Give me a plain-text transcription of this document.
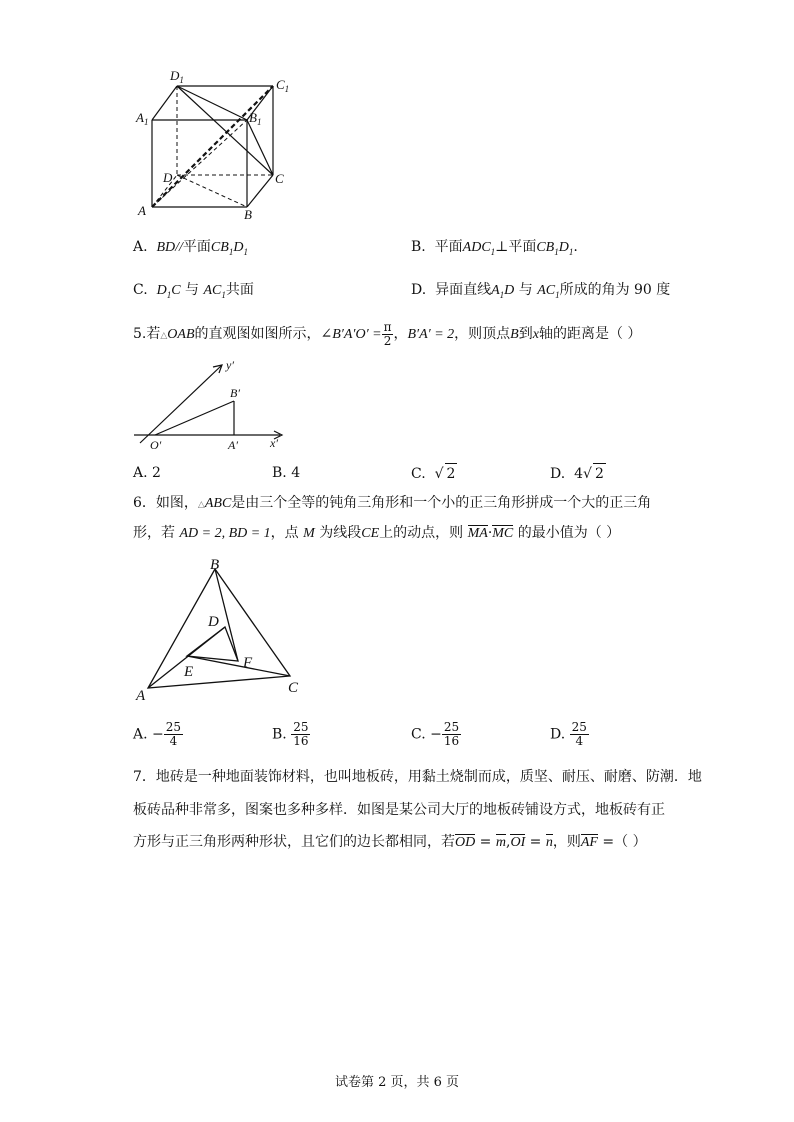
$D_1$	$C_1$
$A_1$	$B_1$
D	C
A	B
A. BD//平面$CB_1D_1$	B. 平面$ADC_1\perp$平面$CB_1D_1$.
C. $D_1C$ 与 $AC_1$共面	D. 异面直线$A_1D$ 与 $AC_1$所成的角为 90 度
5.若△OAB的直观图如图所示，∠B′A′O′ = $\frac{\pi}{2}$ ，B′A′ = 2，则顶点B到x轴的距离是（ ）
y′
B′
O′	A′	x′
A. 2	B. 4	C.  √ 2	D. 4√ 2
6．如图，△ABC是由三个全等的钝角三角形和一个小的正三角形拼成一个大的正三角
形，若 AD = 2, BD = 1，点 M 为线段CE上的动点，则 MA·MC 的最小值为（ ）
B
D
E
F
A	C
A. − $\frac{25}{4}$	B. $\frac{25}{16}$	C. − $\frac{25}{16}$	D. $\frac{25}{4}$
7．地砖是一种地面装饰材料，也叫地板砖，用黏土烧制而成，质坚、耐压、耐磨、防潮．地
板砖品种非常多，图案也多种多样．如图是某公司大厅的地板砖铺设方式，地板砖有正
方形与正三角形两种形状，且它们的边长都相同，若OD = m,OI = n，则AF =（ ）
试卷第 2 页，共 6 页
